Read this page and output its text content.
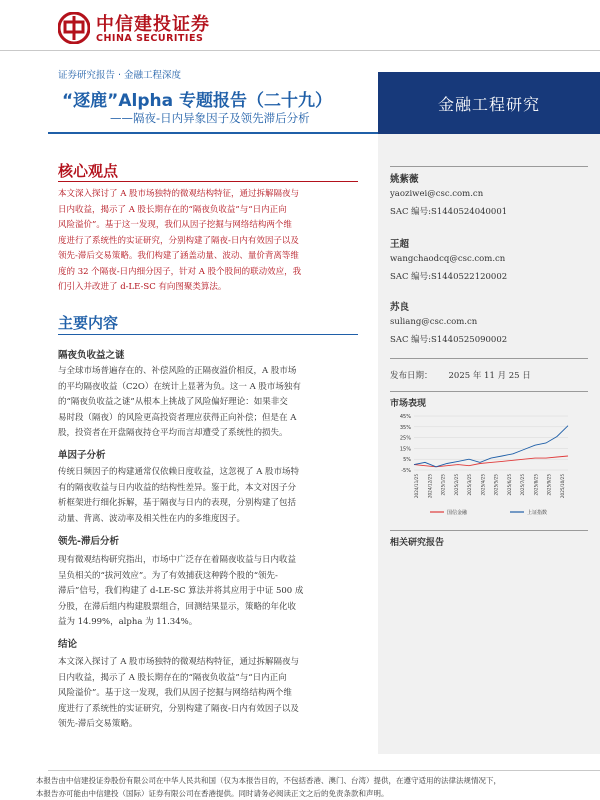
中信建投证券
CHINA SECURITIES
证券研究报告 · 金融工程深度
“逐鹿”Alpha 专题报告（二十九）
——隔夜-日内异象因子及领先滞后分析
金融工程研究
姚紫薇
yaoziwei@csc.com.cn
SAC 编号:S1440524040001
王超
wangchaodcq@csc.com.cn
SAC 编号:S1440522120002
苏良
suliang@csc.com.cn
SAC 编号:S1440525090002
发布日期： 2025 年 11 月 25 日
市场表现
45%
35%
25%
15%
5%
-5%
2024/11/25 2024/12/25 2025/1/25 2025/2/25 2025/3/25 2025/4/25 2025/5/25 2025/6/25 2025/7/25 2025/8/25 2025/9/25 2025/10/25
国信金融	上证指数
相关研究报告
核心观点
本文深入探讨了 A 股市场独特的微观结构特征，通过拆解隔夜与
日内收益，揭示了 A 股长期存在的“隔夜负收益”与“日内正向
风险溢价”。基于这一发现，我们从因子挖掘与网络结构两个维
度进行了系统性的实证研究，分别构建了隔夜-日内有效因子以及
领先-滞后交易策略。我们构建了涵盖动量、波动、量价背离等维
度的 32 个隔夜-日内细分因子，针对 A 股个股间的联动效应，我
们引入并改进了 d-LE-SC 有向图聚类算法。
主要内容
隔夜负收益之谜
与全球市场普遍存在的、补偿风险的正隔夜溢价相反，A 股市场
的平均隔夜收益（C2O）在统计上显著为负。这一 A 股市场独有
的“隔夜负收益之谜”从根本上挑战了风险偏好理论：如果非交
易时段（隔夜）的风险更高投资者理应获得正向补偿；但是在 A
股，投资者在开盘隔夜持仓平均而言却遭受了系统性的损失。
单因子分析
传统日频因子的构建通常仅依赖日度收益，这忽视了 A 股市场特
有的隔夜收益与日内收益的结构性差异。鉴于此，本文对因子分
析框架进行细化拆解，基于隔夜与日内的表现，分别构建了包括
动量、背离、波动率及相关性在内的多维度因子。
领先-滞后分析
现有微观结构研究指出，市场中广泛存在着隔夜收益与日内收益
呈负相关的“拔河效应”。为了有效捕获这种跨个股的“领先-
滞后”信号，我们构建了 d-LE-SC 算法并将其应用于中证 500 成
分股，在滞后组内构建股票组合，回测结果显示，策略的年化收
益为 14.99%，alpha 为 11.34%。
结论
本文深入探讨了 A 股市场独特的微观结构特征，通过拆解隔夜与
日内收益，揭示了 A 股长期存在的“隔夜负收益”与“日内正向
风险溢价”。基于这一发现，我们从因子挖掘与网络结构两个维
度进行了系统性的实证研究，分别构建了隔夜-日内有效因子以及
领先-滞后交易策略。
本报告由中信建投证券股份有限公司在中华人民共和国（仅为本报告目的，不包括香港、澳门、台湾）提供，在遵守适用的法律法规情况下，
本报告亦可能由中信建投（国际）证券有限公司在香港提供。同时请务必阅读正文之后的免责条款和声明。
